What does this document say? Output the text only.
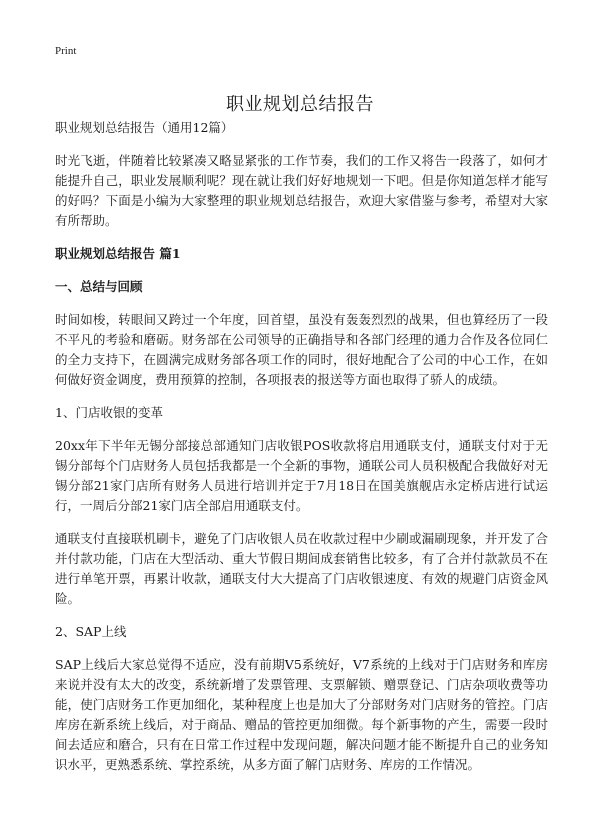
Print
职业规划总结报告
职业规划总结报告（通用12篇）

时光飞逝，伴随着比较紧凑又略显紧张的工作节奏，我们的工作又将告一段落了，如何才能提升自己，职业发展顺利呢？现在就让我们好好地规划一下吧。但是你知道怎样才能写的好吗？下面是小编为大家整理的职业规划总结报告，欢迎大家借鉴与参考，希望对大家有所帮助。

职业规划总结报告 篇1
一、总结与回顾

时间如梭，转眼间又跨过一个年度，回首望，虽没有轰轰烈烈的战果，但也算经历了一段不平凡的考验和磨砺。财务部在公司领导的正确指导和各部门经理的通力合作及各位同仁的全力支持下，在圆满完成财务部各项工作的同时，很好地配合了公司的中心工作，在如何做好资金调度，费用预算的控制，各项报表的报送等方面也取得了骄人的成绩。

1、门店收银的变革

20xx年下半年无锡分部接总部通知门店收银POS收款将启用通联支付，通联支付对于无锡分部每个门店财务人员包括我都是一个全新的事物，通联公司人员积极配合我做好对无锡分部21家门店所有财务人员进行培训并定于7月18日在国美旗舰店永定桥店进行试运行，一周后分部21家门店全部启用通联支付。

通联支付直接联机刷卡，避免了门店收银人员在收款过程中少刷或漏刷现象，并开发了合并付款功能，门店在大型活动、重大节假日期间成套销售比较多，有了合并付款款员不在进行单笔开票，再累计收款，通联支付大大提高了门店收银速度、有效的规避门店资金风险。

2、SAP上线

SAP上线后大家总觉得不适应，没有前期V5系统好，V7系统的上线对于门店财务和库房来说并没有太大的改变，系统新增了发票管理、支票解锁、赠票登记、门店杂项收费等功能，使门店财务工作更加细化，某种程度上也是加大了分部财务对门店财务的管控。门店库房在新系统上线后，对于商品、赠品的管控更加细微。每个新事物的产生，需要一段时间去适应和磨合，只有在日常工作过程中发现问题，解决问题才能不断提升自己的业务知识水平，更熟悉系统、掌控系统，从多方面了解门店财务、库房的工作情况。
